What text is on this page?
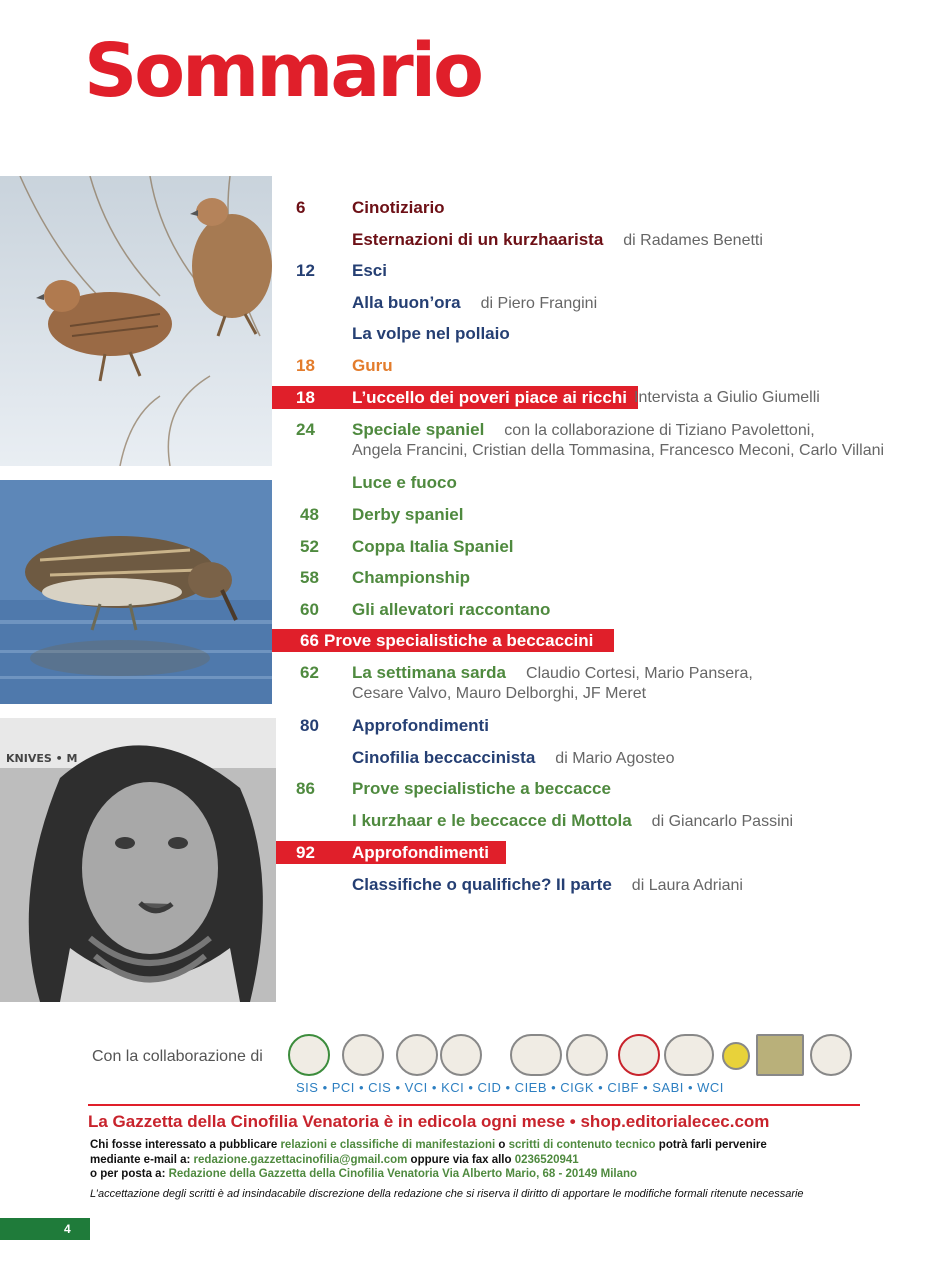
Sommario
KNIVES • M
6	Cinotiziario
Esternazioni di un kurzhaarista di Radames Benetti
12 Esci
Alla buon’ora di Piero Frangini
La volpe nel pollaio
18 Guru
18 L’uccello dei poveri piace ai ricchi Intervista a Giulio Giumelli
24 Speciale spaniel con la collaborazione di Tiziano Pavolettoni,
Angela Francini, Cristian della Tommasina, Francesco Meconi, Carlo Villani
Luce e fuoco
48 Derby spaniel
52 Coppa Italia Spaniel
58 Championship
60 Gli allevatori raccontano
66 Prove specialistiche a beccaccini
62 La settimana sarda Claudio Cortesi, Mario Pansera,
Cesare Valvo, Mauro Delborghi, JF Meret
80 Approfondimenti
Cinofilia beccaccinista di Mario Agosteo
86 Prove specialistiche a beccacce
I kurzhaar e le beccacce di Mottola di Giancarlo Passini
92 Approfondimenti
Classifiche o qualifiche? II parte di Laura Adriani
Con la collaborazione di
SIS • PCI • CIS • VCI • KCI • CID • CIEB • CIGK • CIBF • SABI • WCI
La Gazzetta della Cinofilia Venatoria è in edicola ogni mese • shop.editorialecec.com
Chi fosse interessato a pubblicare relazioni e classifiche di manifestazioni o scritti di contenuto tecnico potrà farli pervenire
mediante e-mail a: redazione.gazzettacinofilia@gmail.com oppure via fax allo 0236520941
o per posta a: Redazione della Gazzetta della Cinofilia Venatoria Via Alberto Mario, 68 - 20149 Milano
L’accettazione degli scritti è ad insindacabile discrezione della redazione che si riserva il diritto di apportare le modifiche formali ritenute necessarie
4
